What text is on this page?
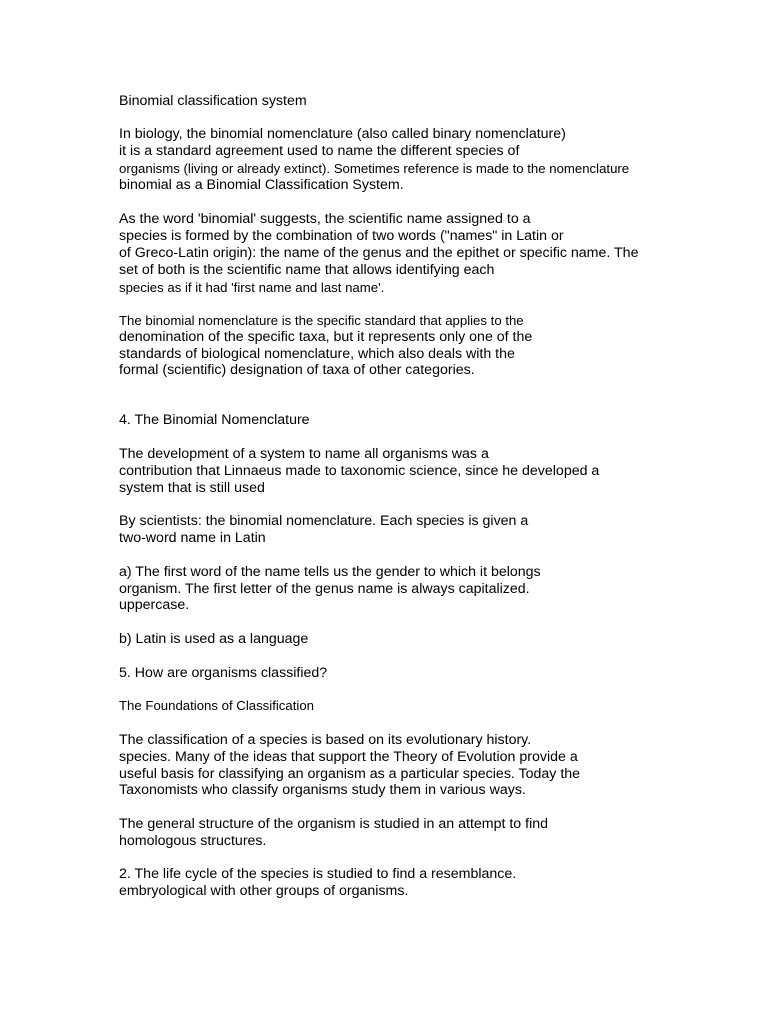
Binomial classification system
In biology, the binomial nomenclature (also called binary nomenclature)
it is a standard agreement used to name the different species of
organisms (living or already extinct). Sometimes reference is made to the nomenclature
binomial as a Binomial Classification System.
As the word 'binomial' suggests, the scientific name assigned to a
species is formed by the combination of two words ("names" in Latin or
of Greco-Latin origin): the name of the genus and the epithet or specific name. The
set of both is the scientific name that allows identifying each
species as if it had 'first name and last name'.
The binomial nomenclature is the specific standard that applies to the
denomination of the specific taxa, but it represents only one of the
standards of biological nomenclature, which also deals with the
formal (scientific) designation of taxa of other categories.
4. The Binomial Nomenclature
The development of a system to name all organisms was a
contribution that Linnaeus made to taxonomic science, since he developed a
system that is still used
By scientists: the binomial nomenclature. Each species is given a
two-word name in Latin
a) The first word of the name tells us the gender to which it belongs
organism. The first letter of the genus name is always capitalized.
uppercase.
b) Latin is used as a language
5. How are organisms classified?
The Foundations of Classification
The classification of a species is based on its evolutionary history.
species. Many of the ideas that support the Theory of Evolution provide a
useful basis for classifying an organism as a particular species. Today the
Taxonomists who classify organisms study them in various ways.
The general structure of the organism is studied in an attempt to find
homologous structures.
2. The life cycle of the species is studied to find a resemblance.
embryological with other groups of organisms.
